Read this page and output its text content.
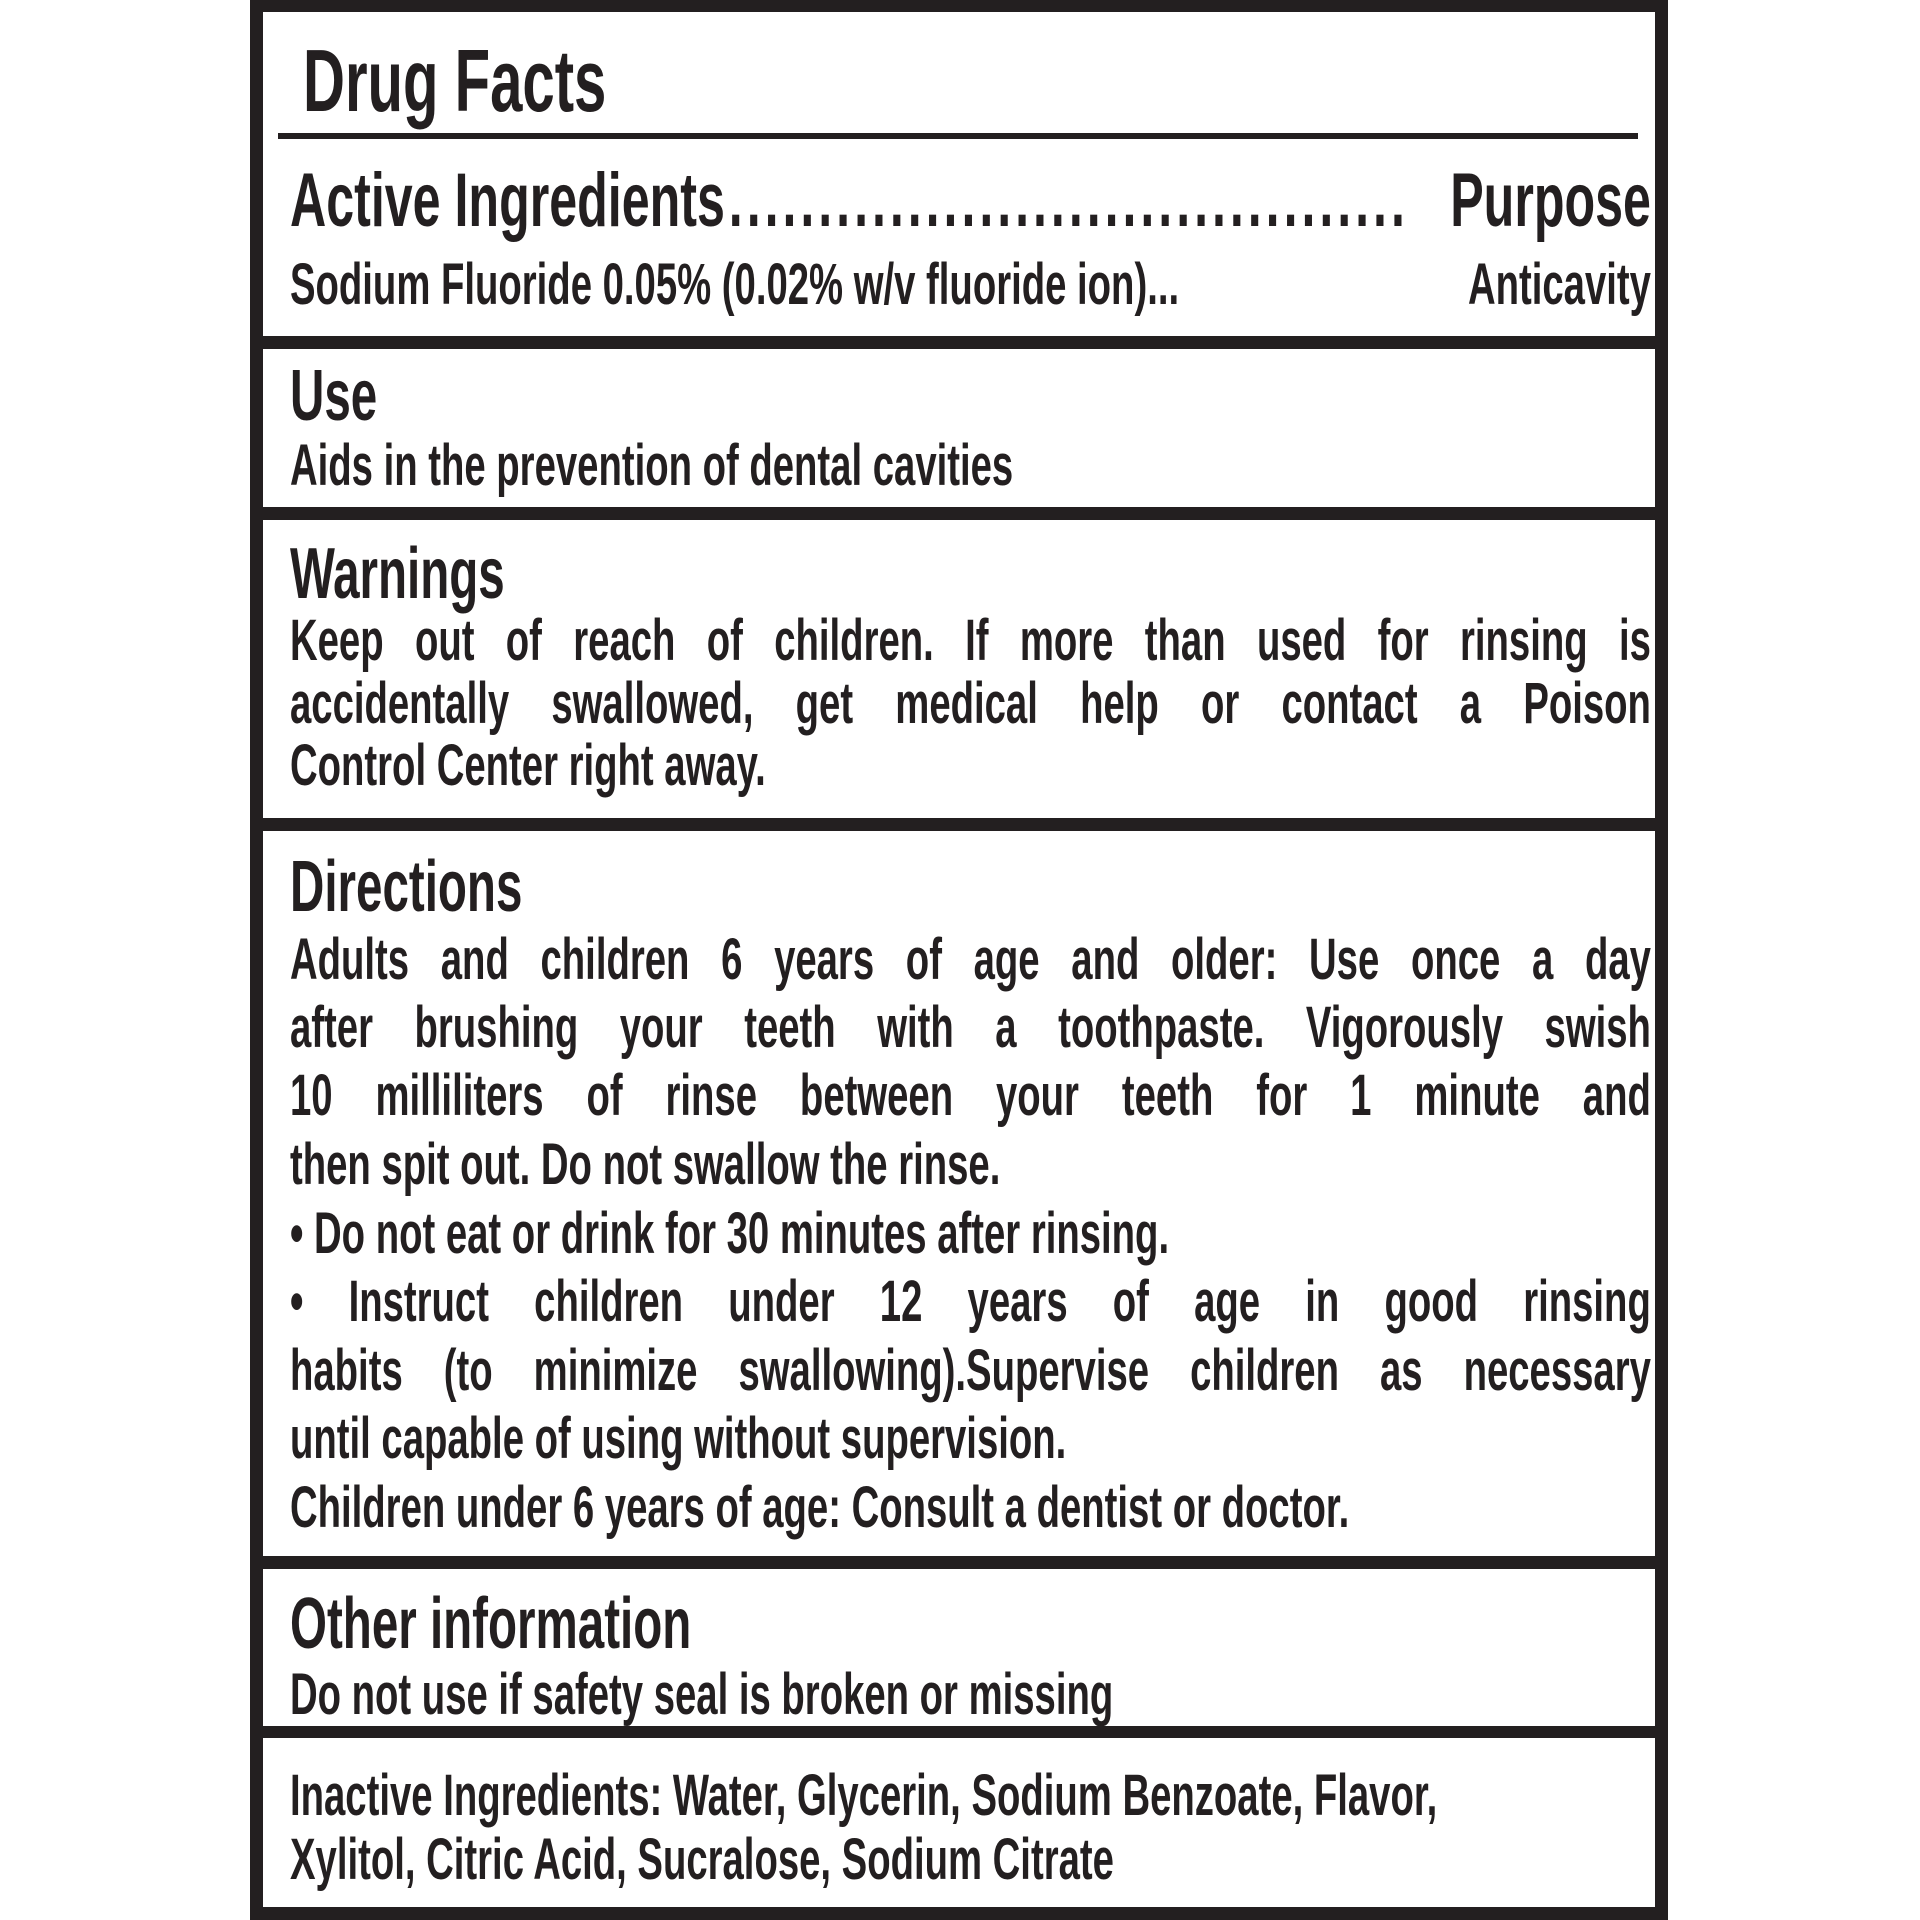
Drug Facts
Active Ingredients ...................................... Purpose
Sodium Fluoride 0.05% (0.02% w/v fluoride ion)...	Anticavity
Use
Aids in the prevention of dental cavities
Warnings
Keep out of reach of children. If more than used for rinsing is
accidentally swallowed, get medical help or contact a Poison
Control Center right away.
Directions
Adults and children 6 years of age and older: Use once a day
after brushing your teeth with a toothpaste. Vigorously swish
10 milliliters of rinse between your teeth for 1 minute and
then spit out. Do not swallow the rinse.
• Do not eat or drink for 30 minutes after rinsing.
• Instruct children under 12 years of age in good rinsing
habits (to minimize swallowing).Supervise children as necessary
until capable of using without supervision.
Children under 6 years of age: Consult a dentist or doctor.
Other information
Do not use if safety seal is broken or missing
Inactive Ingredients: Water, Glycerin, Sodium Benzoate, Flavor,
Xylitol, Citric Acid, Sucralose, Sodium Citrate
